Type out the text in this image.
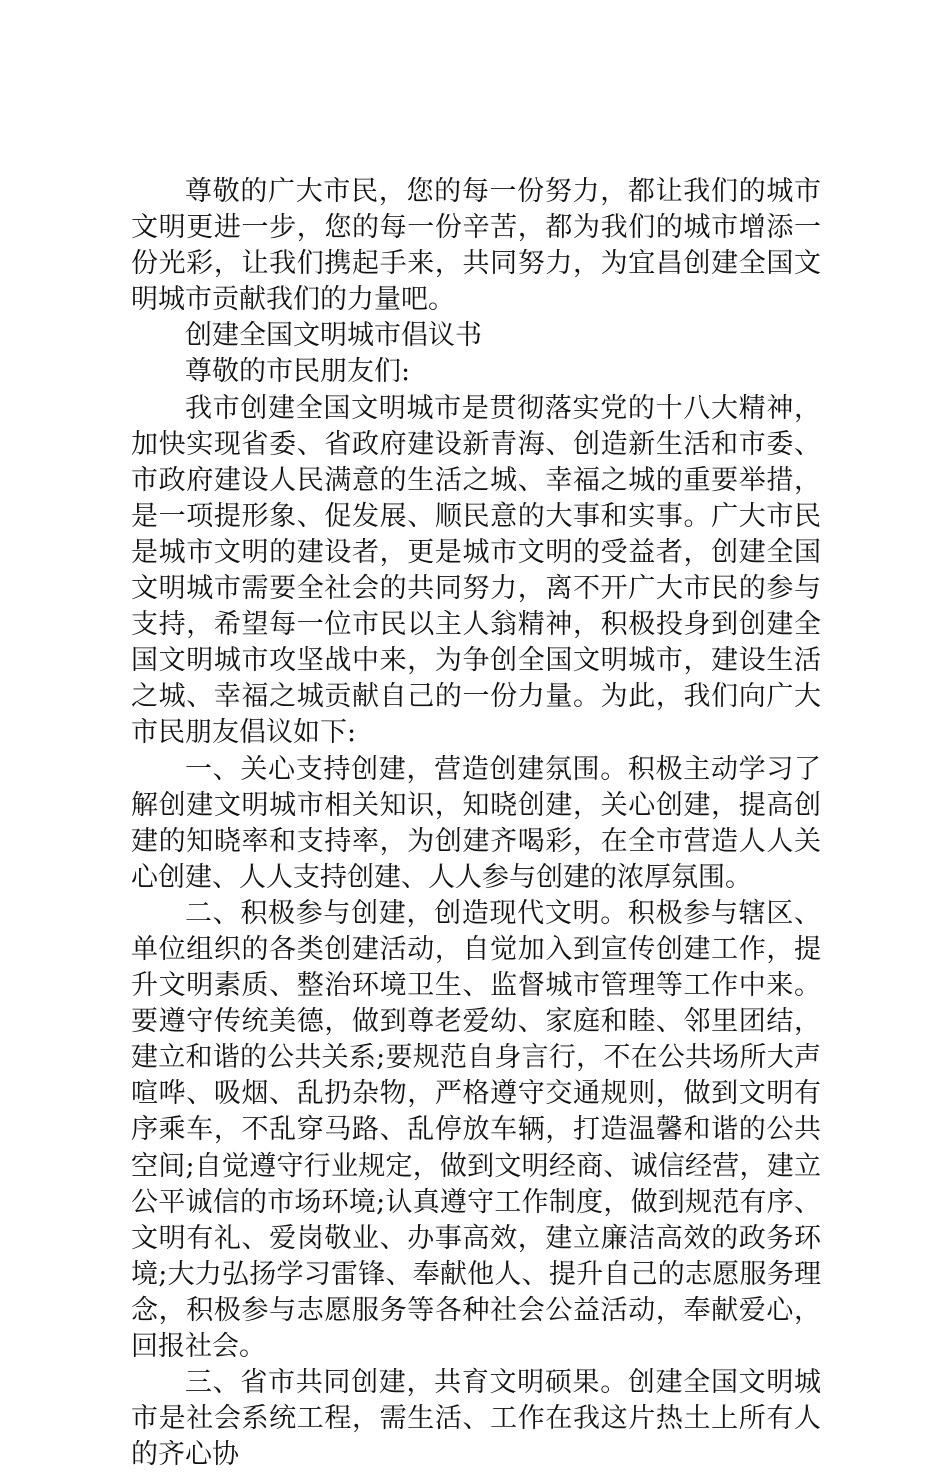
尊敬的广大市民，您的每一份努力，都让我们的城市文明更进一步，您的每一份辛苦，都为我们的城市增添一份光彩，让我们携起手来，共同努力，为宜昌创建全国文明城市贡献我们的力量吧。

创建全国文明城市倡议书

尊敬的市民朋友们:

我市创建全国文明城市是贯彻落实党的十八大精神，加快实现省委、省政府建设新青海、创造新生活和市委、市政府建设人民满意的生活之城、幸福之城的重要举措，是一项提形象、促发展、顺民意的大事和实事。广大市民是城市文明的建设者，更是城市文明的受益者，创建全国文明城市需要全社会的共同努力，离不开广大市民的参与支持，希望每一位市民以主人翁精神，积极投身到创建全国文明城市攻坚战中来，为争创全国文明城市，建设生活之城、幸福之城贡献自己的一份力量。为此，我们向广大市民朋友倡议如下:

一、关心支持创建，营造创建氛围。积极主动学习了解创建文明城市相关知识，知晓创建，关心创建，提高创建的知晓率和支持率，为创建齐喝彩，在全市营造人人关心创建、人人支持创建、人人参与创建的浓厚氛围。

二、积极参与创建，创造现代文明。积极参与辖区、单位组织的各类创建活动，自觉加入到宣传创建工作，提升文明素质、整治环境卫生、监督城市管理等工作中来。要遵守传统美德，做到尊老爱幼、家庭和睦、邻里团结，建立和谐的公共关系;要规范自身言行，不在公共场所大声喧哗、吸烟、乱扔杂物，严格遵守交通规则，做到文明有序乘车，不乱穿马路、乱停放车辆，打造温馨和谐的公共空间;自觉遵守行业规定，做到文明经商、诚信经营，建立公平诚信的市场环境;认真遵守工作制度，做到规范有序、文明有礼、爱岗敬业、办事高效，建立廉洁高效的政务环境;大力弘扬学习雷锋、奉献他人、提升自己的志愿服务理念，积极参与志愿服务等各种社会公益活动，奉献爱心，回报社会。

三、省市共同创建，共育文明硕果。创建全国文明城市是社会系统工程，需生活、工作在我这片热土上所有人的齐心协
